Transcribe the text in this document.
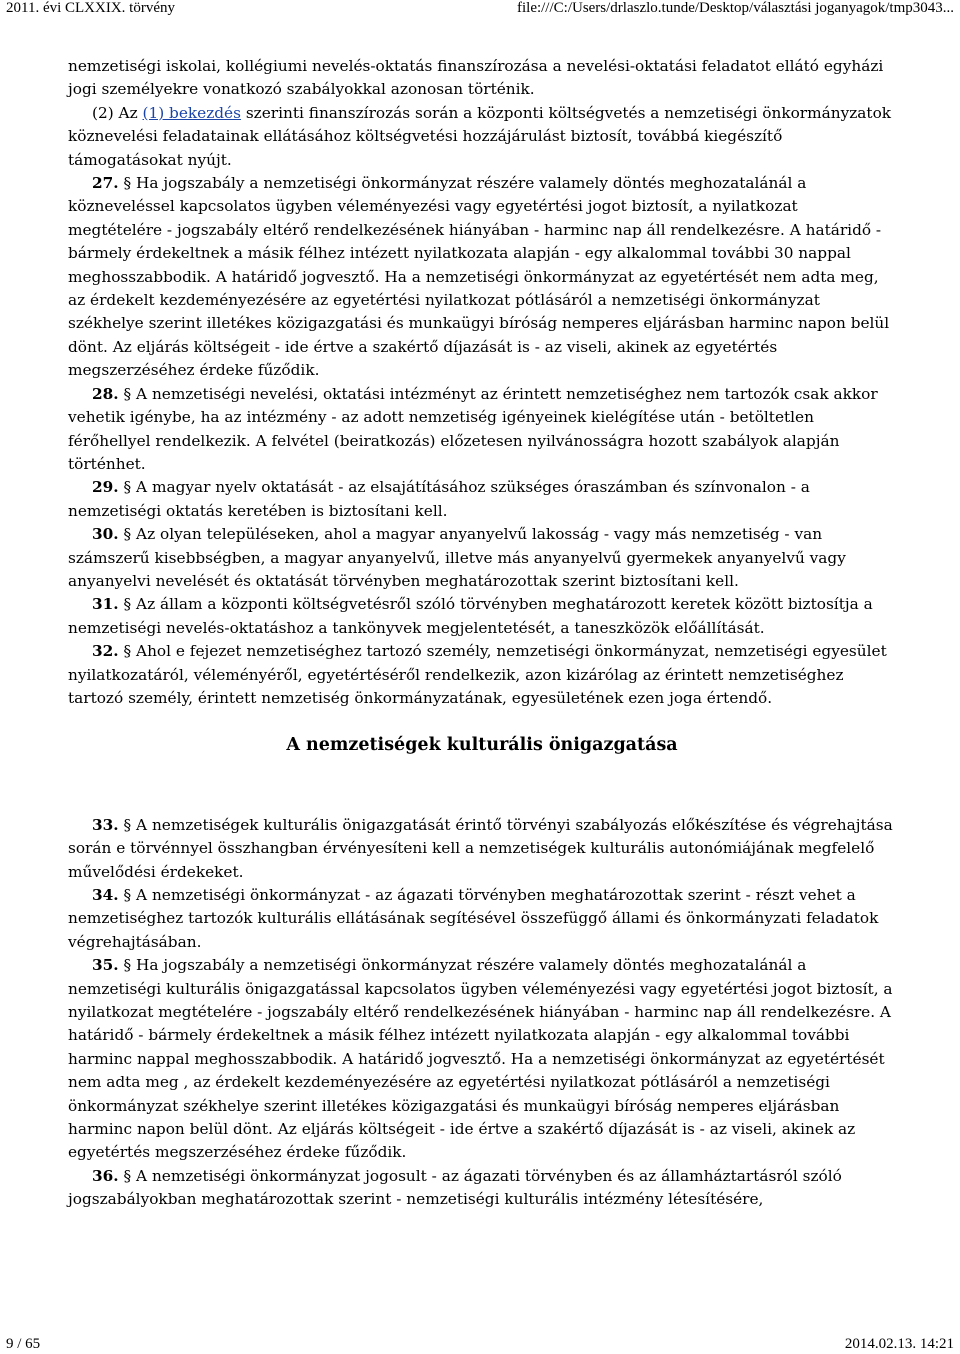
2011. évi CLXXIX. törvény	file:///C:/Users/drlaszlo.tunde/Desktop/választási joganyagok/tmp3043...

nemzetiségi iskolai, kollégiumi nevelés-oktatás finanszírozása a nevelési-oktatási feladatot ellátó egyházi jogi személyekre vonatkozó szabályokkal azonosan történik.

(2) Az (1) bekezdés szerinti finanszírozás során a központi költségvetés a nemzetiségi önkormányzatok köznevelési feladatainak ellátásához költségvetési hozzájárulást biztosít, továbbá kiegészítő támogatásokat nyújt.

27. § Ha jogszabály a nemzetiségi önkormányzat részére valamely döntés meghozatalánál a közneveléssel kapcsolatos ügyben véleményezési vagy egyetértési jogot biztosít, a nyilatkozat megtételére - jogszabály eltérő rendelkezésének hiányában - harminc nap áll rendelkezésre. A határidő - bármely érdekeltnek a másik félhez intézett nyilatkozata alapján - egy alkalommal további 30 nappal meghosszabbodik. A határidő jogvesztő. Ha a nemzetiségi önkormányzat az egyetértését nem adta meg, az érdekelt kezdeményezésére az egyetértési nyilatkozat pótlásáról a nemzetiségi önkormányzat székhelye szerint illetékes közigazgatási és munkaügyi bíróság nemperes eljárásban harminc napon belül dönt. Az eljárás költségeit - ide értve a szakértő díjazását is - az viseli, akinek az egyetértés megszerzéséhez érdeke fűződik.

28. § A nemzetiségi nevelési, oktatási intézményt az érintett nemzetiséghez nem tartozók csak akkor vehetik igénybe, ha az intézmény - az adott nemzetiség igényeinek kielégítése után - betöltetlen férőhellyel rendelkezik. A felvétel (beiratkozás) előzetesen nyilvánosságra hozott szabályok alapján történhet.

29. § A magyar nyelv oktatását - az elsajátításához szükséges óraszámban és színvonalon - a nemzetiségi oktatás keretében is biztosítani kell.

30. § Az olyan településeken, ahol a magyar anyanyelvű lakosság - vagy más nemzetiség - van számszerű kisebbségben, a magyar anyanyelvű, illetve más anyanyelvű gyermekek anyanyelvű vagy anyanyelvi nevelését és oktatását törvényben meghatározottak szerint biztosítani kell.

31. § Az állam a központi költségvetésről szóló törvényben meghatározott keretek között biztosítja a nemzetiségi nevelés-oktatáshoz a tankönyvek megjelentetését, a taneszközök előállítását.

32. § Ahol e fejezet nemzetiséghez tartozó személy, nemzetiségi önkormányzat, nemzetiségi egyesület nyilatkozatáról, véleményéről, egyetértéséről rendelkezik, azon kizárólag az érintett nemzetiséghez tartozó személy, érintett nemzetiség önkormányzatának, egyesületének ezen joga értendő.

A nemzetiségek kulturális önigazgatása

33. § A nemzetiségek kulturális önigazgatását érintő törvényi szabályozás előkészítése és végrehajtása során e törvénnyel összhangban érvényesíteni kell a nemzetiségek kulturális autonómiájának megfelelő művelődési érdekeket.

34. § A nemzetiségi önkormányzat - az ágazati törvényben meghatározottak szerint - részt vehet a nemzetiséghez tartozók kulturális ellátásának segítésével összefüggő állami és önkormányzati feladatok végrehajtásában.

35. § Ha jogszabály a nemzetiségi önkormányzat részére valamely döntés meghozatalánál a nemzetiségi kulturális önigazgatással kapcsolatos ügyben véleményezési vagy egyetértési jogot biztosít, a nyilatkozat megtételére - jogszabály eltérő rendelkezésének hiányában - harminc nap áll rendelkezésre. A határidő - bármely érdekeltnek a másik félhez intézett nyilatkozata alapján - egy alkalommal további harminc nappal meghosszabbodik. A határidő jogvesztő. Ha a nemzetiségi önkormányzat az egyetértését nem adta meg , az érdekelt kezdeményezésére az egyetértési nyilatkozat pótlásáról a nemzetiségi önkormányzat székhelye szerint illetékes közigazgatási és munkaügyi bíróság nemperes eljárásban harminc napon belül dönt. Az eljárás költségeit - ide értve a szakértő díjazását is - az viseli, akinek az egyetértés megszerzéséhez érdeke fűződik.

36. § A nemzetiségi önkormányzat jogosult - az ágazati törvényben és az államháztartásról szóló jogszabályokban meghatározottak szerint - nemzetiségi kulturális intézmény létesítésére,

9 / 65	2014.02.13. 14:21
